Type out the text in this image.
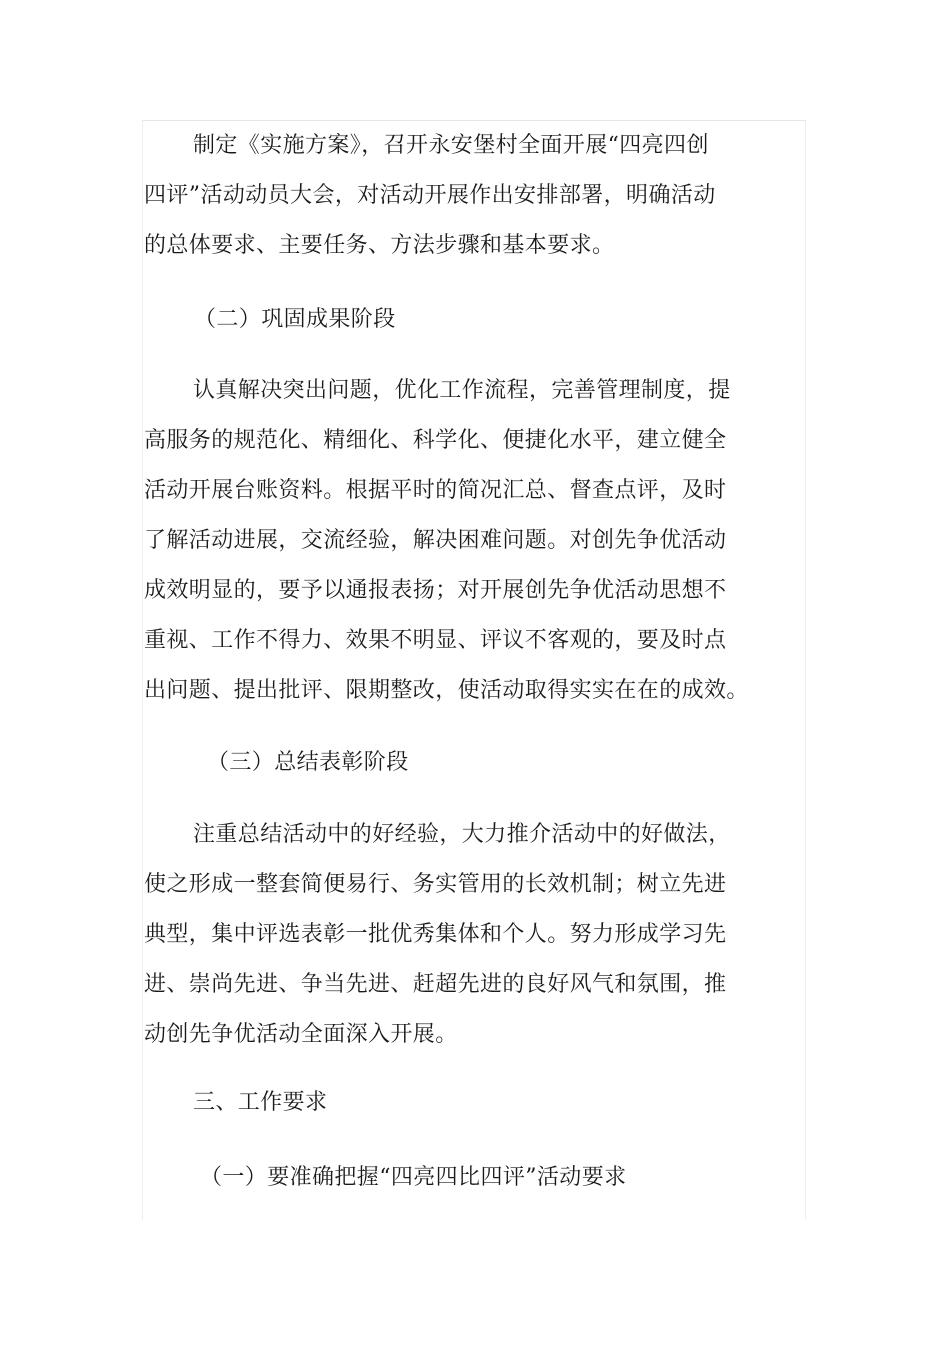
制定《实施方案》，召开永安堡村全面开展“四亮四创
四评”活动动员大会，对活动开展作出安排部署，明确活动
的总体要求、主要任务、方法步骤和基本要求。
（二）巩固成果阶段
认真解决突出问题，优化工作流程，完善管理制度，提
高服务的规范化、精细化、科学化、便捷化水平，建立健全
活动开展台账资料。根据平时的简况汇总、督查点评，及时
了解活动进展，交流经验，解决困难问题。对创先争优活动
成效明显的，要予以通报表扬；对开展创先争优活动思想不
重视、工作不得力、效果不明显、评议不客观的，要及时点
出问题、提出批评、限期整改，使活动取得实实在在的成效。
（三）总结表彰阶段
注重总结活动中的好经验，大力推介活动中的好做法，
使之形成一整套简便易行、务实管用的长效机制；树立先进
典型，集中评选表彰一批优秀集体和个人。努力形成学习先
进、崇尚先进、争当先进、赶超先进的良好风气和氛围，推
动创先争优活动全面深入开展。
三、工作要求
（一）要准确把握“四亮四比四评”活动要求
